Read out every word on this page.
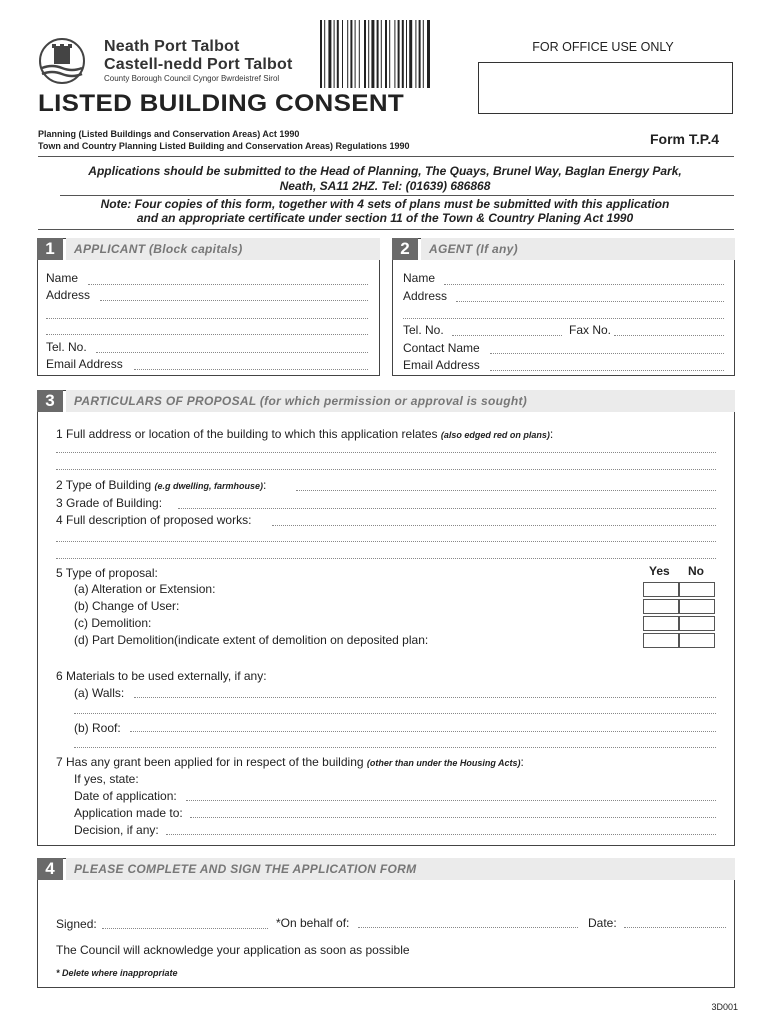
Neath Port Talbot
Castell-nedd Port Talbot
County Borough Council Cyngor Bwrdeistref Sirol
FOR OFFICE USE ONLY
LISTED BUILDING CONSENT
Planning (Listed Buildings and Conservation Areas) Act 1990
Town and Country Planning Listed Building and Conservation Areas) Regulations 1990	Form T.P.4
Applications should be submitted to the Head of Planning, The Quays, Brunel Way, Baglan Energy Park,
Neath, SA11 2HZ. Tel: (01639) 686868
Note: Four copies of this form, together with 4 sets of plans must be submitted with this application
and an appropriate certificate under section 11 of the Town & Country Planing Act 1990
1	APPLICANT (Block capitals)
Name
Address
Tel. No.
Email Address
2	AGENT (If any)
Name
Address
Tel. No.	Fax No.
Contact Name
Email Address
3	PARTICULARS OF PROPOSAL (for which permission or approval is sought)
1 Full address or location of the building to which this application relates (also edged red on plans):
2 Type of Building (e.g dwelling, farmhouse):
3 Grade of Building:
4 Full description of proposed works:
5 Type of proposal:	Yes No
(a) Alteration or Extension:
(b) Change of User:
(c) Demolition:
(d) Part Demolition(indicate extent of demolition on deposited plan:
6 Materials to be used externally, if any:
(a) Walls:
(b) Roof:
7 Has any grant been applied for in respect of the building (other than under the Housing Acts):
If yes, state:
Date of application:
Application made to:
Decision, if any:
4	PLEASE COMPLETE AND SIGN THE APPLICATION FORM
Signed:	*On behalf of:	Date:
The Council will acknowledge your application as soon as possible
* Delete where inappropriate
3D001
